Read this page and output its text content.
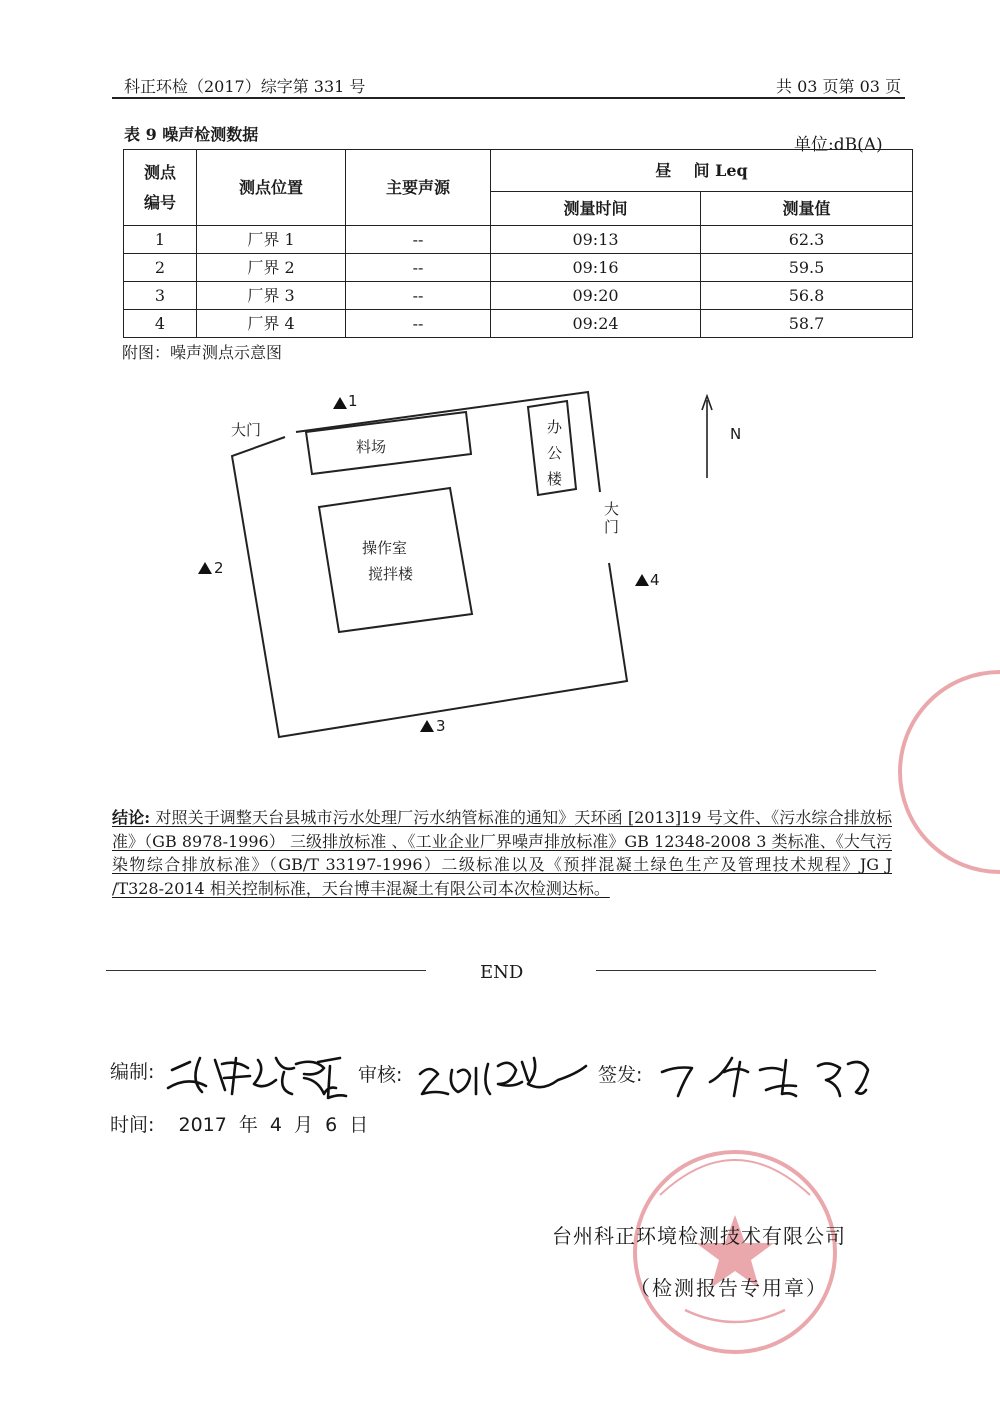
科正环检（2017）综字第 331 号	共 03 页第 03 页
表 9 噪声检测数据
单位:dB(A)
测点
编号	测点位置	主要声源	昼    间 Leq	
			测量时间	测量值
1	厂界 1	--	09:13	62.3
2	厂界 2	--	09:16	59.5
3	厂界 3	--	09:20	56.8
4	厂界 4	--	09:24	58.7
附图：噪声测点示意图
1
2
3
4
大门
大
门
料场
办
公
楼
操作室
搅拌楼
N
结论: 对照关于调整天台县城市污水处理厂污水纳管标准的通知》天环函 [2013]19 号文件、《污水综合排放标准》（GB 8978-1996） 三级排放标准 、《工业企业厂界噪声排放标准》GB 12348-2008 3 类标准、《大气污染物综合排放标准》（GB/T 33197-1996）二级标准以及《预拌混凝土绿色生产及管理技术规程》JG J /T328-2014 相关控制标准，天台博丰混凝土有限公司本次检测达标。
END
编制:	审核:	签发:
时间:  2017 年 4 月 6 日
台州科正环境检测技术有限公司
（检测报告专用章）
